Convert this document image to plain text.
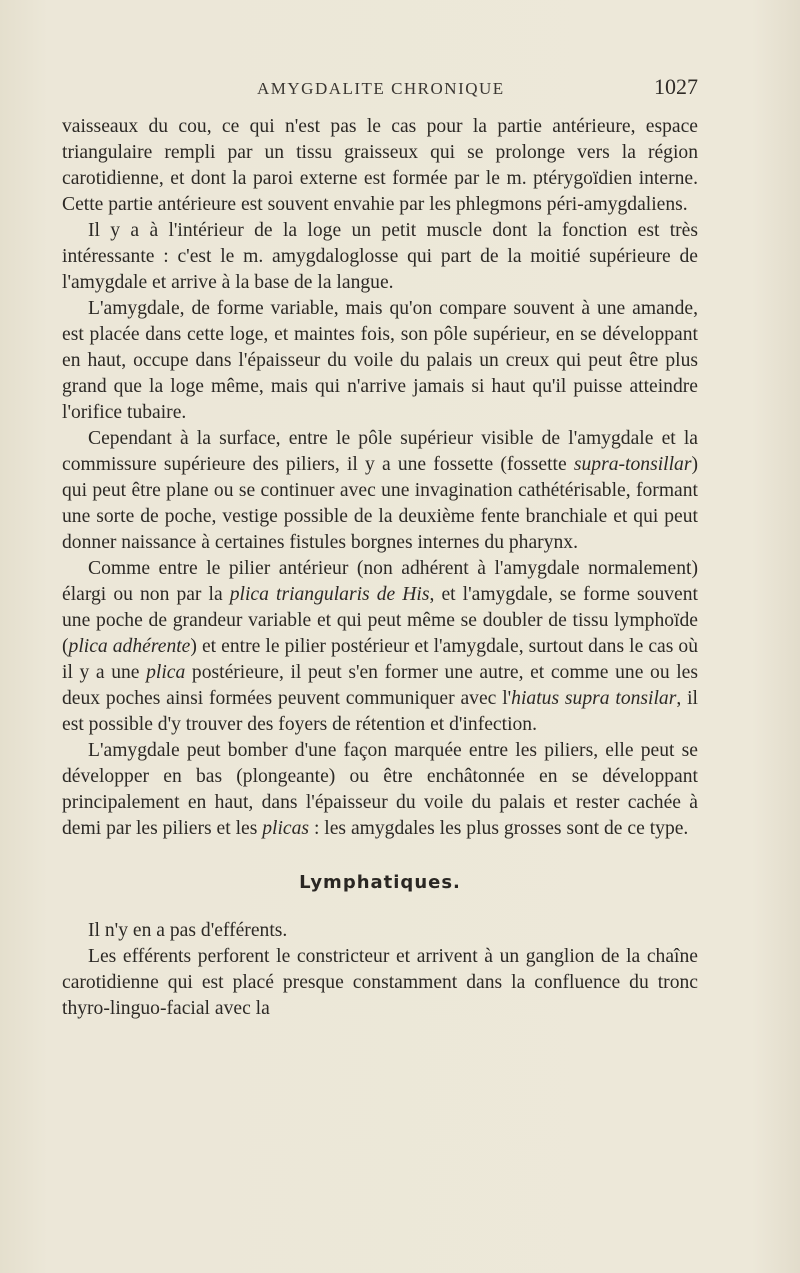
AMYGDALITE CHRONIQUE	1027

vaisseaux du cou, ce qui n'est pas le cas pour la partie antérieure, espace triangulaire rempli par un tissu graisseux qui se prolonge vers la région carotidienne, et dont la paroi externe est formée par le m. ptérygoïdien interne. Cette partie antérieure est souvent envahie par les phlegmons péri-amygdaliens.

Il y a à l'intérieur de la loge un petit muscle dont la fonction est très intéressante : c'est le m. amygdaloglosse qui part de la moitié supérieure de l'amygdale et arrive à la base de la langue.

L'amygdale, de forme variable, mais qu'on compare souvent à une amande, est placée dans cette loge, et maintes fois, son pôle supérieur, en se développant en haut, occupe dans l'épaisseur du voile du palais un creux qui peut être plus grand que la loge même, mais qui n'arrive jamais si haut qu'il puisse atteindre l'orifice tubaire.

Cependant à la surface, entre le pôle supérieur visible de l'amygdale et la commissure supérieure des piliers, il y a une fossette (fossette supra-tonsillar) qui peut être plane ou se continuer avec une invagination cathétérisable, formant une sorte de poche, vestige possible de la deuxième fente branchiale et qui peut donner naissance à certaines fistules borgnes internes du pharynx.

Comme entre le pilier antérieur (non adhérent à l'amygdale normalement) élargi ou non par la plica triangularis de His, et l'amygdale, se forme souvent une poche de grandeur variable et qui peut même se doubler de tissu lymphoïde (plica adhérente) et entre le pilier postérieur et l'amygdale, surtout dans le cas où il y a une plica postérieure, il peut s'en former une autre, et comme une ou les deux poches ainsi formées peuvent communiquer avec l'hiatus supra tonsilar, il est possible d'y trouver des foyers de rétention et d'infection.

L'amygdale peut bomber d'une façon marquée entre les piliers, elle peut se développer en bas (plongeante) ou être enchâtonnée en se développant principalement en haut, dans l'épaisseur du voile du palais et rester cachée à demi par les piliers et les plicas : les amygdales les plus grosses sont de ce type.

Lymphatiques.

Il n'y en a pas d'efférents.

Les efférents perforent le constricteur et arrivent à un ganglion de la chaîne carotidienne qui est placé presque constamment dans la confluence du tronc thyro-linguo-facial avec la
